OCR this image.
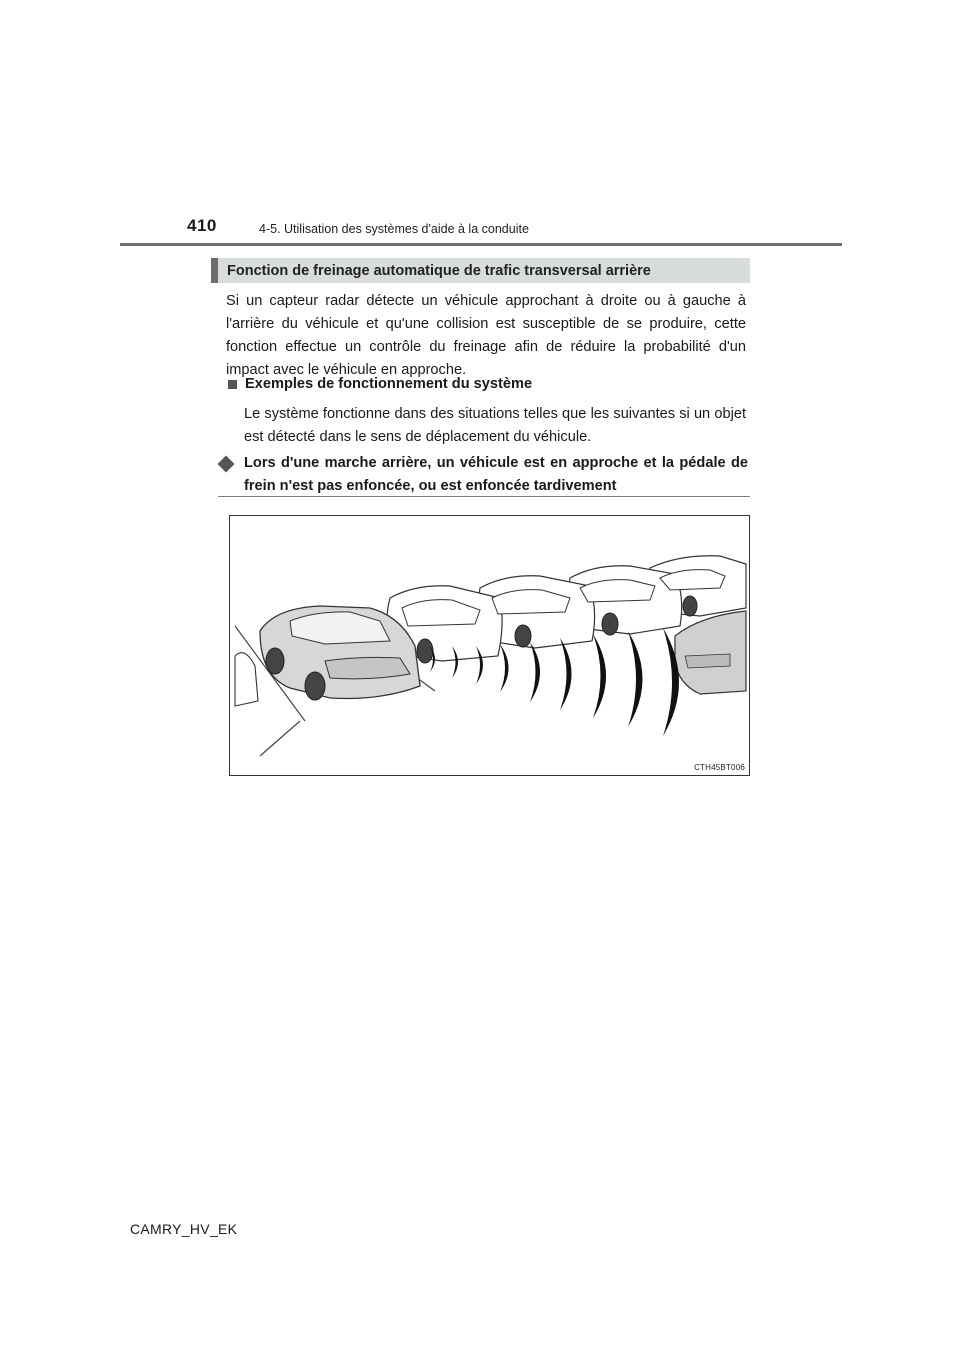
410	4-5. Utilisation des systèmes d'aide à la conduite
Fonction de freinage automatique de trafic transversal arrière

Si un capteur radar détecte un véhicule approchant à droite ou à gauche à l'arrière du véhicule et qu'une collision est susceptible de se produire, cette fonction effectue un contrôle du freinage afin de réduire la probabilité d'un impact avec le véhicule en approche.

Exemples de fonctionnement du système

Le système fonctionne dans des situations telles que les suivantes si un objet est détecté dans le sens de déplacement du véhicule.

Lors d'une marche arrière, un véhicule est en approche et la pédale de frein n'est pas enfoncée, ou est enfoncée tardivement
CTH45BT006
CAMRY_HV_EK
